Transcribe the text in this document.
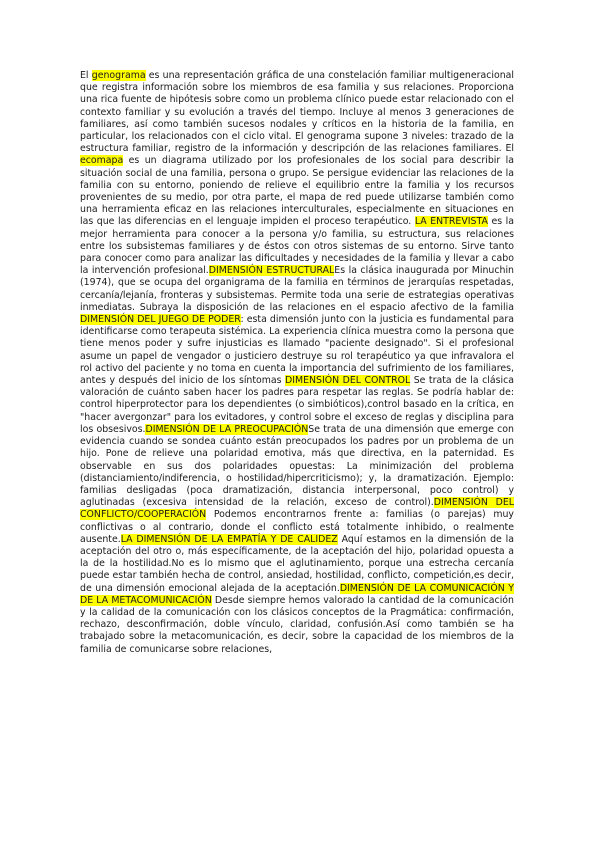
El genograma es una representación gráfica de una constelación familiar multigeneracional que registra información sobre los miembros de esa familia y sus relaciones. Proporciona una rica fuente de hipótesis sobre como un problema clínico puede estar relacionado con el contexto familiar y su evolución a través del tiempo. Incluye al menos 3 generaciones de familiares, así como también sucesos nodales y críticos en la historia de la familia, en particular, los relacionados con el ciclo vital. El genograma supone 3 niveles: trazado de la estructura familiar, registro de la información y descripción de las relaciones familiares. El ecomapa es un diagrama utilizado por los profesionales de los social para describir la situación social de una familia, persona o grupo. Se persigue evidenciar las relaciones de la familia con su entorno, poniendo de relieve el equilibrio entre la familia y los recursos provenientes de su medio, por otra parte, el mapa de red puede utilizarse también como una herramienta eficaz en las relaciones interculturales, especialmente en situaciones en las que las diferencias en el lenguaje impiden el proceso terapéutico. LA ENTREVISTA es la mejor herramienta para conocer a la persona y/o familia, su estructura, sus relaciones entre los subsistemas familiares y de éstos con otros sistemas de su entorno. Sirve tanto para conocer como para analizar las dificultades y necesidades de la familia y llevar a cabo la intervención profesional.DIMENSIÓN ESTRUCTURALEs la clásica inaugurada por Minuchin (1974), que se ocupa del organigrama de la familia en términos de jerarquías respetadas, cercanía/lejanía, fronteras y subsistemas. Permite toda una serie de estrategias operativas inmediatas. Subraya la disposición de las relaciones en el espacio afectivo de la familia DIMENSIÓN DEL JUEGO DE PODER: esta dimensión junto con la justicia es fundamental para identificarse como terapeuta sistémica. La experiencia clínica muestra como la persona que tiene menos poder y sufre injusticias es llamado "paciente designado". Si el profesional asume un papel de vengador o justiciero destruye su rol terapéutico ya que infravalora el rol activo del paciente y no toma en cuenta la importancia del sufrimiento de los familiares, antes y después del inicio de los síntomas DIMENSIÓN DEL CONTROL Se trata de la clásica valoración de cuánto saben hacer los padres para respetar las reglas. Se podría hablar de: control hiperprotector para los dependientes (o simbióticos),control basado en la crítica, en "hacer avergonzar" para los evitadores, y control sobre el exceso de reglas y disciplina para los obsesivos.DIMENSIÓN DE LA PREOCUPACIÓNSe trata de una dimensión que emerge con evidencia cuando se sondea cuánto están preocupados los padres por un problema de un hijo. Pone de relieve una polaridad emotiva, más que directiva, en la paternidad. Es observable en sus dos polaridades opuestas: La minimización del problema (distanciamiento/indiferencia, o hostilidad/hipercriticismo); y, la dramatización. Ejemplo: familias desligadas (poca dramatización, distancia interpersonal, poco control) y aglutinadas (excesiva intensidad de la relación, exceso de control).DIMENSIÓN DEL CONFLICTO/COOPERACIÓN Podemos encontrarnos frente a: familias (o parejas) muy conflictivas o al contrario, donde el conflicto está totalmente inhibido, o realmente ausente.LA DIMENSIÓN DE LA EMPATÍA Y DE CALIDEZ Aquí estamos en la dimensión de la aceptación del otro o, más específicamente, de la aceptación del hijo, polaridad opuesta a la de la hostilidad.No es lo mismo que el aglutinamiento, porque una estrecha cercanía puede estar también hecha de control, ansiedad, hostilidad, conflicto, competición,es decir, de una dimensión emocional alejada de la aceptación.DIMENSIÓN DE LA COMUNICACIÓN Y DE LA METACOMUNICACIÓN Desde siempre hemos valorado la cantidad de la comunicación y la calidad de la comunicación con los clásicos conceptos de la Pragmática: confirmación, rechazo, desconfirmación, doble vínculo, claridad, confusión.Así como también se ha trabajado sobre la metacomunicación, es decir, sobre la capacidad de los miembros de la familia de comunicarse sobre relaciones,
